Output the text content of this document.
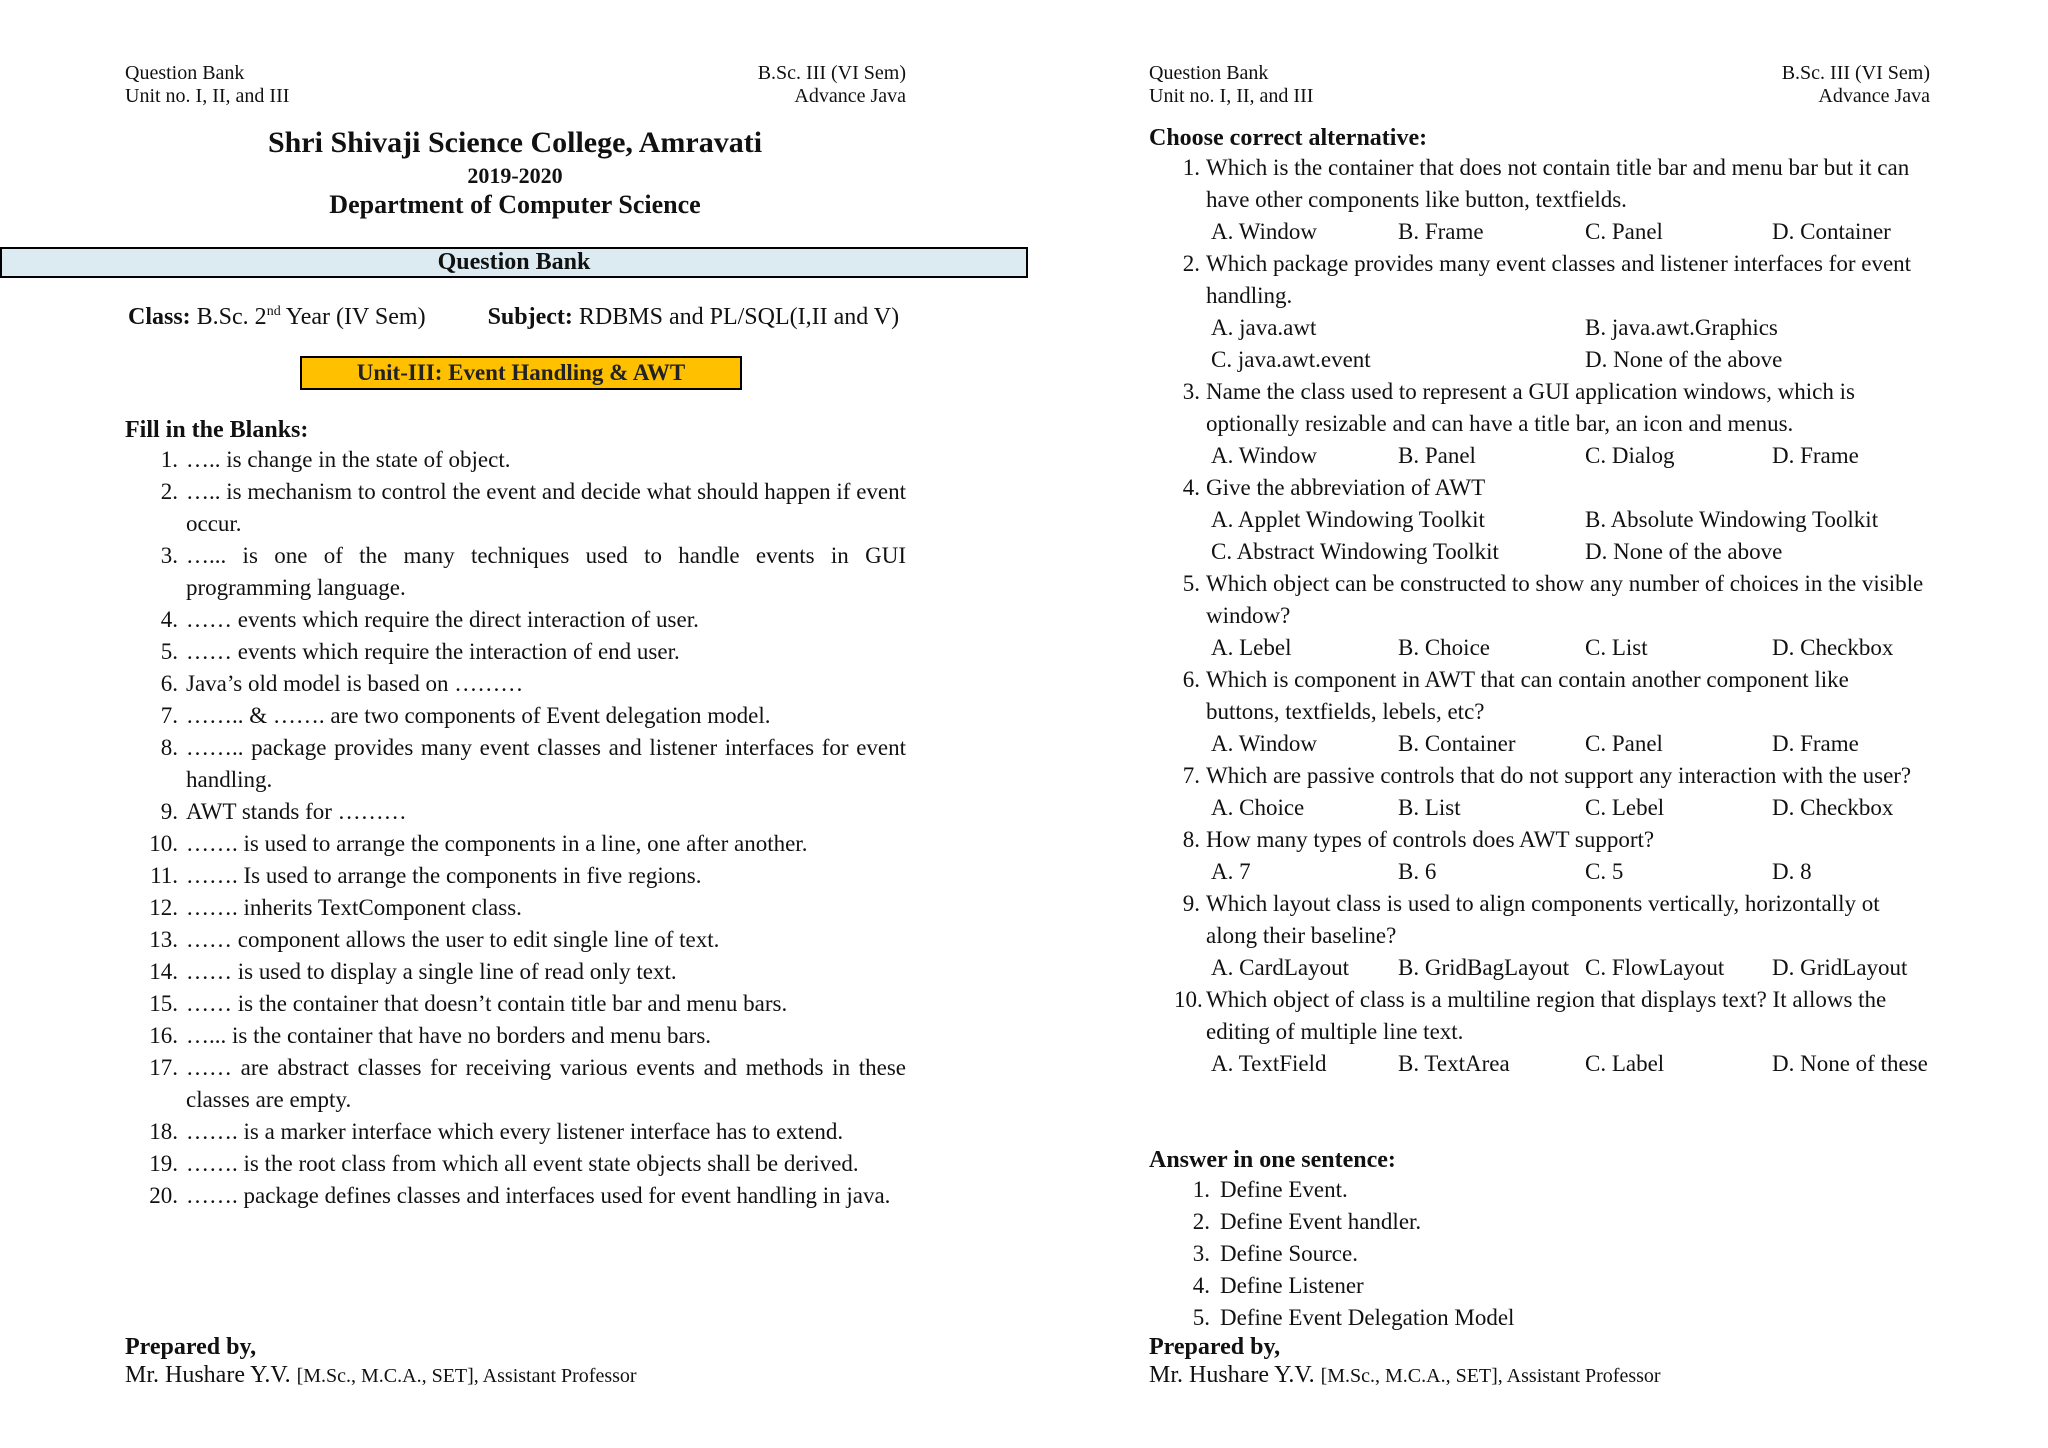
Question Bank
Unit no. I, II, and III
B.Sc. III (VI Sem)
Advance Java
Shri Shivaji Science College, Amravati
2019-2020
Department of Computer Science
Question Bank
Class: B.Sc. 2nd Year (IV Sem)	Subject: RDBMS and PL/SQL(I,II and V)
Unit-III: Event Handling & AWT
Fill in the Blanks:
1. ….. is change in the state of object.
2. ….. is mechanism to control the event and decide what should happen if event occur.
3. …... is one of the many techniques used to handle events in GUI programming language.
4. …… events which require the direct interaction of user.
5. …… events which require the interaction of end user.
6. Java’s old model is based on ………
7. …….. & ……. are two components of Event delegation model.
8. …….. package provides many event classes and listener interfaces for event handling.
9. AWT stands for ………
10. ……. is used to arrange the components in a line, one after another.
11. ……. Is used to arrange the components in five regions.
12. ……. inherits TextComponent class.
13. …… component allows the user to edit single line of text.
14. …… is used to display a single line of read only text.
15. …… is the container that doesn’t contain title bar and menu bars.
16. …... is the container that have no borders and menu bars.
17. …… are abstract classes for receiving various events and methods in these classes are empty.
18. ……. is a marker interface which every listener interface has to extend.
19. ……. is the root class from which all event state objects shall be derived.
20. ……. package defines classes and interfaces used for event handling in java.
Prepared by,
Mr. Hushare Y.V. [M.Sc., M.C.A., SET], Assistant Professor
Question Bank
Unit no. I, II, and III
B.Sc. III (VI Sem)
Advance Java
Choose correct alternative:
1. Which is the container that does not contain title bar and menu bar but it can have other components like button, textfields.
A. Window	B. Frame	C. Panel	D. Container
2. Which package provides many event classes and listener interfaces for event handling.
A. java.awt	B. java.awt.Graphics
C. java.awt.event	D. None of the above
3. Name the class used to represent a GUI application windows, which is optionally resizable and can have a title bar, an icon and menus.
A. Window	B. Panel	C. Dialog	D. Frame
4. Give the abbreviation of AWT
A. Applet Windowing Toolkit	B. Absolute Windowing Toolkit
C. Abstract Windowing Toolkit	D. None of the above
5. Which object can be constructed to show any number of choices in the visible window?
A. Lebel	B. Choice	C. List	D. Checkbox
6. Which is component in AWT that can contain another component like buttons, textfields, lebels, etc?
A. Window	B. Container	C. Panel	D. Frame
7. Which are passive controls that do not support any interaction with the user?
A. Choice	B. List	C. Lebel	D. Checkbox
8. How many types of controls does AWT support?
A. 7	B. 6	C. 5	D. 8
9. Which layout class is used to align components vertically, horizontally ot along their baseline?
A. CardLayout	B. GridBagLayout C. FlowLayout	D. GridLayout
10. Which object of class is a multiline region that displays text? It allows the editing of multiple line text.
A. TextField	B. TextArea	C. Label	D. None of these
Answer in one sentence:
1. Define Event.
2. Define Event handler.
3. Define Source.
4. Define Listener
5. Define Event Delegation Model
Prepared by,
Mr. Hushare Y.V. [M.Sc., M.C.A., SET], Assistant Professor
